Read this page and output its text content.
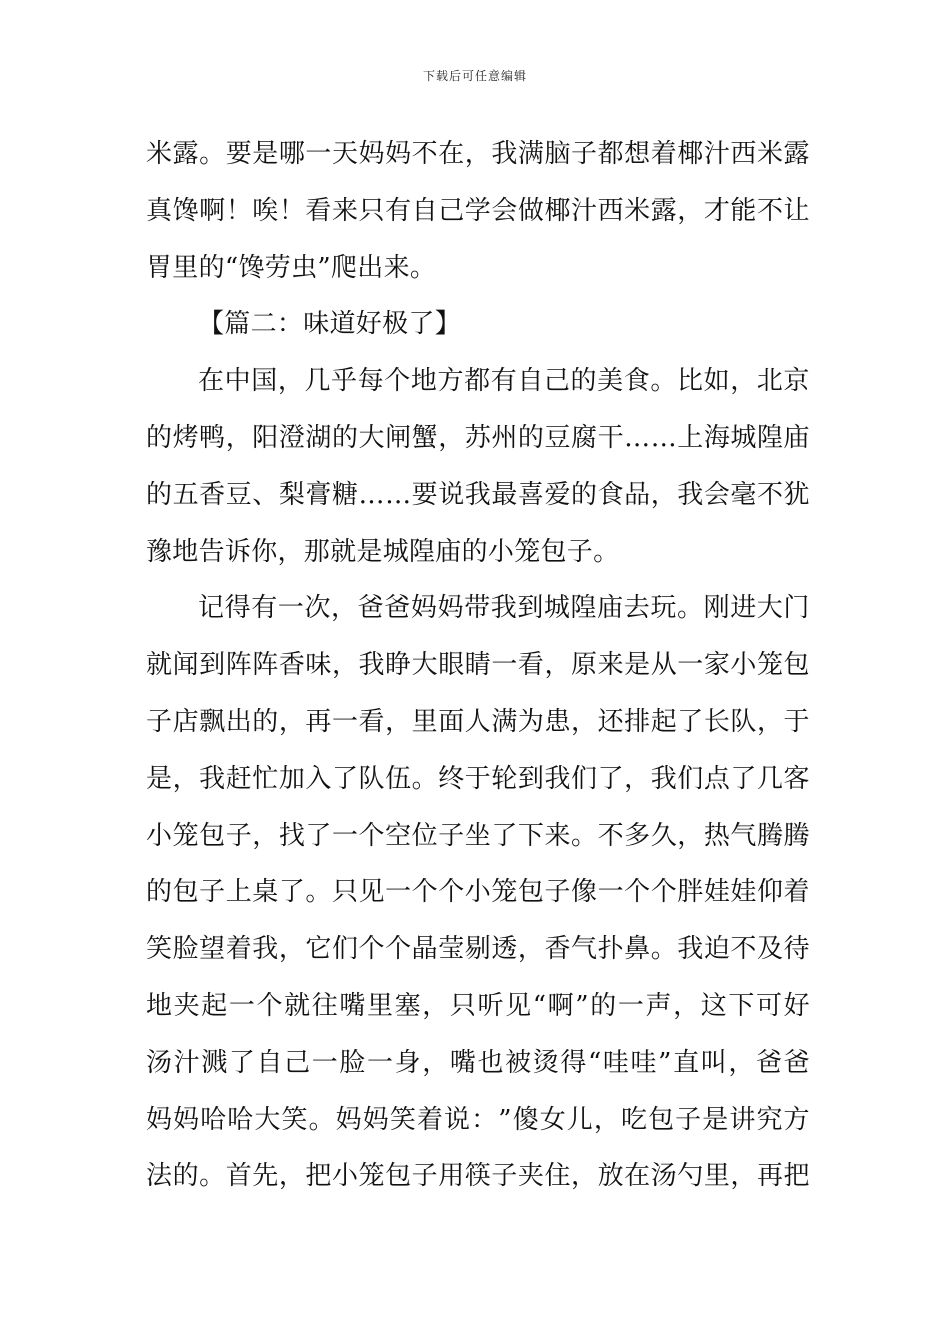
下载后可任意编辑
米 露 。 要 是 哪 一 天 妈 妈 不 在 ， 我 满 脑 子 都 想 着 椰 汁 西 米 露
真 馋 啊 ！ 唉 ！ 看 来 只 有 自 己 学 会 做 椰 汁 西 米 露 ， 才 能 不 让
胃里的“馋劳虫”爬出来。
【篇二：味道好极了】
在 中 国 ， 几 乎 每 个 地 方 都 有 自 己 的 美 食 。 比 如 ， 北 京
的 烤 鸭 ， 阳 澄 湖 的 大 闸 蟹 ， 苏 州 的 豆 腐 干 … … 上 海 城 隍 庙
的 五 香 豆 、 梨 膏 糖 … … 要 说 我 最 喜 爱 的 食 品 ， 我 会 毫 不 犹
豫地告诉你，那就是城隍庙的小笼包子。
记 得 有 一 次 ， 爸 爸 妈 妈 带 我 到 城 隍 庙 去 玩 。 刚 进 大 门
就 闻 到 阵 阵 香 味 ， 我 睁 大 眼 睛 一 看 ， 原 来 是 从 一 家 小 笼 包
子 店 飘 出 的 ， 再 一 看 ， 里 面 人 满 为 患 ， 还 排 起 了 长 队 ， 于
是 ， 我 赶 忙 加 入 了 队 伍 。 终 于 轮 到 我 们 了 ， 我 们 点 了 几 客
小 笼 包 子 ， 找 了 一 个 空 位 子 坐 了 下 来 。 不 多 久 ， 热 气 腾 腾
的 包 子 上 桌 了 。 只 见 一 个 个 小 笼 包 子 像 一 个 个 胖 娃 娃 仰 着
笑 脸 望 着 我 ， 它 们 个 个 晶 莹 剔 透 ， 香 气 扑 鼻 。 我 迫 不 及 待
地 夹 起 一 个 就 往 嘴 里 塞 ， 只 听 见 “ 啊 ” 的 一 声 ， 这 下 可 好
汤 汁 溅 了 自 己 一 脸 一 身 ， 嘴 也 被 烫 得 “ 哇 哇 ” 直 叫 ， 爸 爸
妈 妈 哈 哈 大 笑 。 妈 妈 笑 着 说 ： ” 傻 女 儿 ， 吃 包 子 是 讲 究 方
法 的 。 首 先 ， 把 小 笼 包 子 用 筷 子 夹 住 ， 放 在 汤 勺 里 ， 再 把
